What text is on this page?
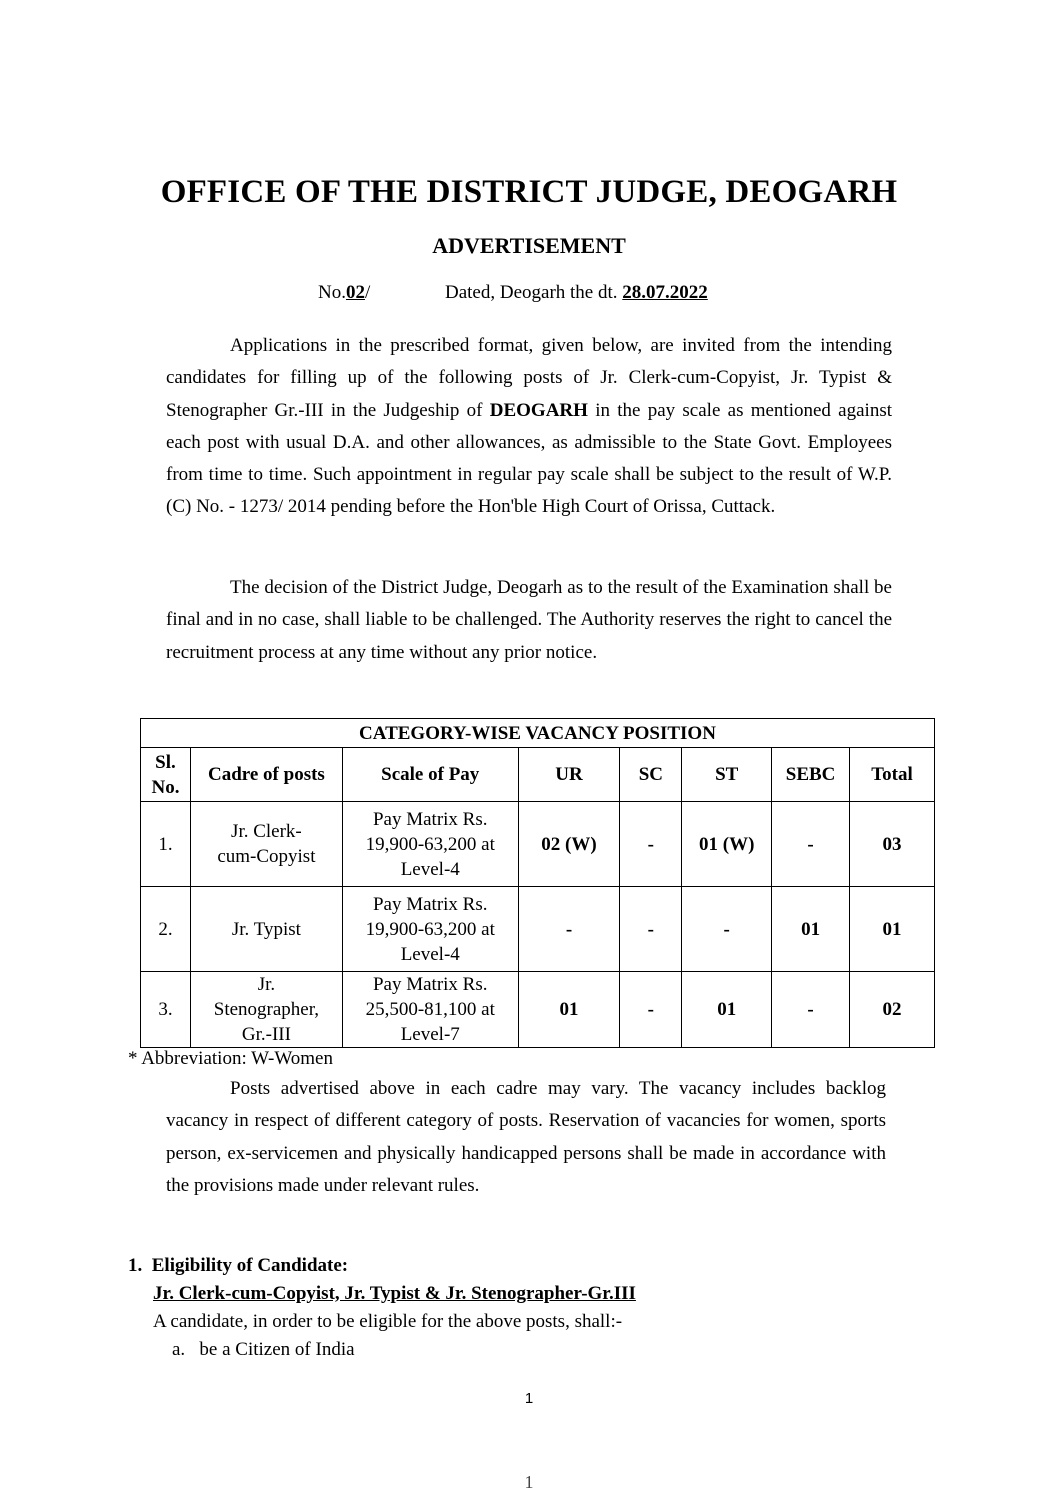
OFFICE OF THE DISTRICT JUDGE, DEOGARH
ADVERTISEMENT
No.02/	Dated, Deogarh the dt. 28.07.2022

Applications in the prescribed format, given below, are invited from the intending candidates for filling up of the following posts of Jr. Clerk-cum-Copyist, Jr. Typist & Stenographer Gr.-III in the Judgeship of DEOGARH in the pay scale as mentioned against each post with usual D.A. and other allowances, as admissible to the State Govt. Employees from time to time. Such appointment in regular pay scale shall be subject to the result of W.P.(C) No. - 1273/ 2014 pending before the Hon'ble High Court of Orissa, Cuttack.

The decision of the District Judge, Deogarh as to the result of the Examination shall be final and in no case, shall liable to be challenged. The Authority reserves the right to cancel the recruitment process at any time without any prior notice.

CATEGORY-WISE VACANCY POSITION							
Sl. No.	Cadre of posts	Scale of Pay	UR	SC	ST	SEBC	Total
1.	Jr. Clerk-cum-Copyist	Pay Matrix Rs. 19,900-63,200 at Level-4	02 (W)	-	01 (W)	-	03
2.	Jr. Typist	Pay Matrix Rs. 19,900-63,200 at Level-4	-	-	-	01	01
3.	Jr. Stenographer, Gr.-III	Pay Matrix Rs. 25,500-81,100 at Level-7	01	-	01	-	02
* Abbreviation: W-Women

Posts advertised above in each cadre may vary. The vacancy includes backlog vacancy in respect of different category of posts. Reservation of vacancies for women, sports person, ex-servicemen and physically handicapped persons shall be made in accordance with the provisions made under relevant rules.

1.  Eligibility of Candidate:
Jr. Clerk-cum-Copyist, Jr. Typist & Jr. Stenographer-Gr.III
A candidate, in order to be eligible for the above posts, shall:-
a.   be a Citizen of India
1
1
